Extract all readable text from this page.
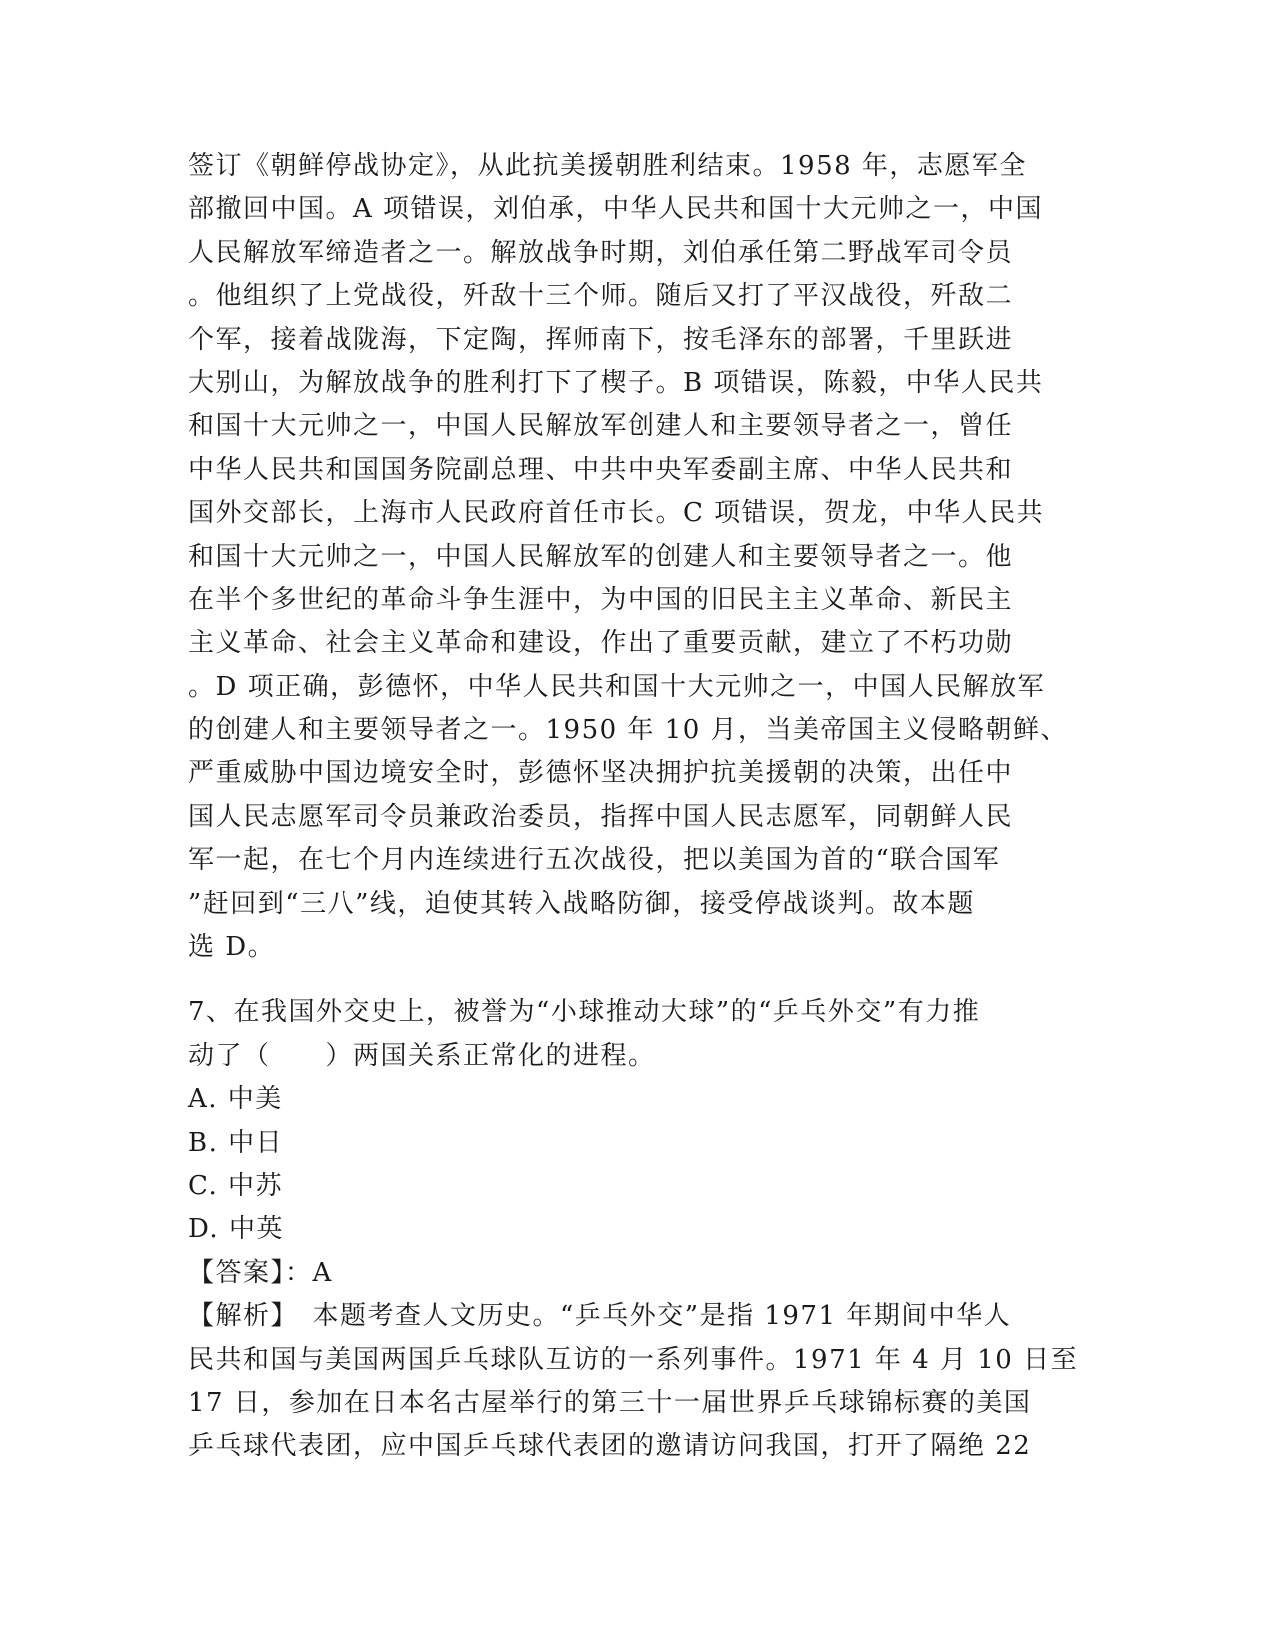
签订《朝鲜停战协定》，从此抗美援朝胜利结束。1958 年，志愿军全
部撤回中国。A 项错误，刘伯承，中华人民共和国十大元帅之一，中国
人民解放军缔造者之一。解放战争时期，刘伯承任第二野战军司令员
。他组织了上党战役，歼敌十三个师。随后又打了平汉战役，歼敌二
个军，接着战陇海，下定陶，挥师南下，按毛泽东的部署，千里跃进
大别山，为解放战争的胜利打下了楔子。B 项错误，陈毅，中华人民共
和国十大元帅之一，中国人民解放军创建人和主要领导者之一，曾任
中华人民共和国国务院副总理、中共中央军委副主席、中华人民共和
国外交部长，上海市人民政府首任市长。C 项错误，贺龙，中华人民共
和国十大元帅之一，中国人民解放军的创建人和主要领导者之一。他
在半个多世纪的革命斗争生涯中，为中国的旧民主主义革命、新民主
主义革命、社会主义革命和建设，作出了重要贡献，建立了不朽功勋
。D 项正确，彭德怀，中华人民共和国十大元帅之一，中国人民解放军
的创建人和主要领导者之一。1950 年 10 月，当美帝国主义侵略朝鲜、
严重威胁中国边境安全时，彭德怀坚决拥护抗美援朝的决策，出任中
国人民志愿军司令员兼政治委员，指挥中国人民志愿军，同朝鲜人民
军一起，在七个月内连续进行五次战役，把以美国为首的“联合国军
”赶回到“三八”线，迫使其转入战略防御，接受停战谈判。故本题
选 D。
7、在我国外交史上，被誉为“小球推动大球”的“乒乓外交”有力推
动了（　　）两国关系正常化的进程。
A. 中美
B. 中日
C. 中苏
D. 中英
【答案】：A
【解析】　本题考查人文历史。“乒乓外交”是指 1971 年期间中华人
民共和国与美国两国乒乓球队互访的一系列事件。1971 年 4 月 10 日至
17 日，参加在日本名古屋举行的第三十一届世界乒乓球锦标赛的美国
乒乓球代表团，应中国乒乓球代表团的邀请访问我国，打开了隔绝 22
